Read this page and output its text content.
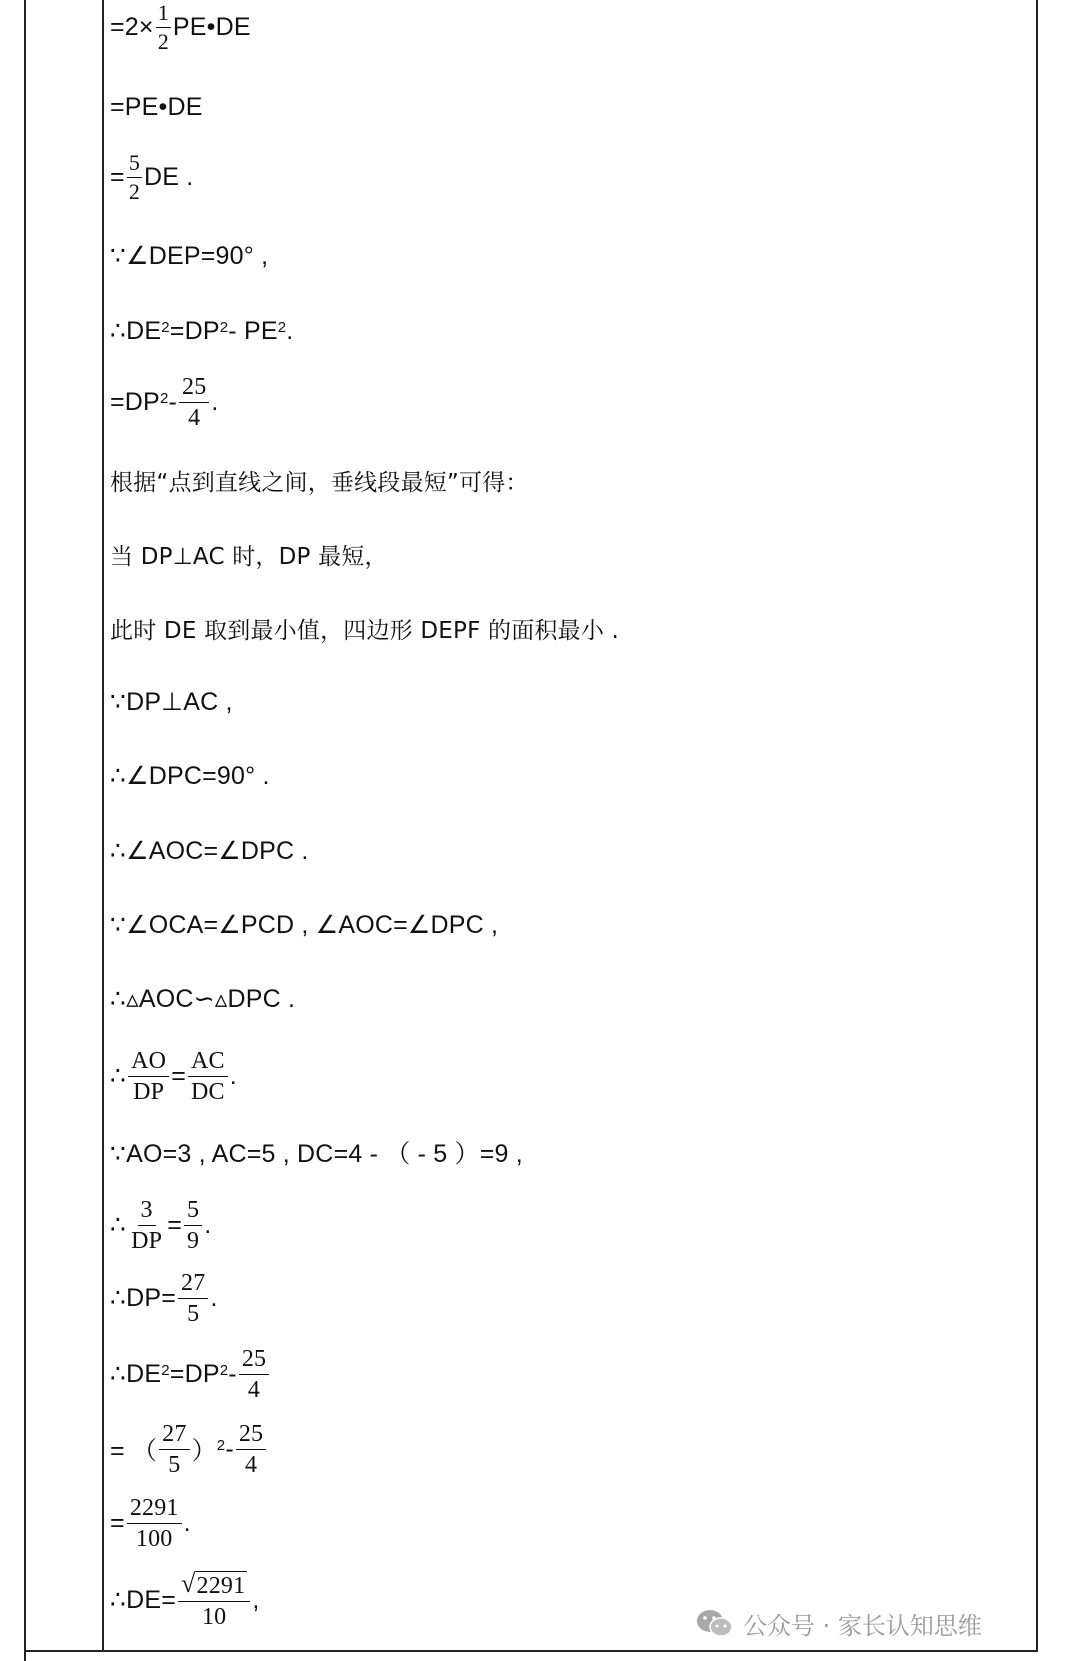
$=2\times \frac{1}{2}$ PE•DE
=PE•DE
= $\frac{5}{2}$ DE .
∵∠DEP=90° ,
$\therefore DE^2 =DP^2 - PE^2$ .
$=DP^2 - \frac{25}{4}$ .
根据“点到直线之间，垂线段最短”可得：
当 DP⊥AC 时，DP 最短，
此时 DE 取到最小值，四边形 DEPF 的面积最小 .
∵DP⊥AC ,
∴∠DPC=90° .
∴∠AOC=∠DPC .
∵∠OCA=∠PCD , ∠AOC=∠DPC ,
∴▵AOC∽▵DPC .
∴ $\frac{AO}{DP} = \frac{AC}{DC}$ .
∵AO=3 , AC=5 , DC=4 - （ - 5 ）=9 ,
∴ $\frac{3}{DP} = \frac{5}{9}$ .
∴DP= $\frac{27}{5}$ .
$\therefore DE^2 =DP^2 - \frac{25}{4}$
= （ $\frac{27}{5} )^2 - \frac{25}{4}$
= $\frac{2291}{100}$ .
∴DE= $\frac{√ 2291}{10}$ ,
公众号 · 家长认知思维
